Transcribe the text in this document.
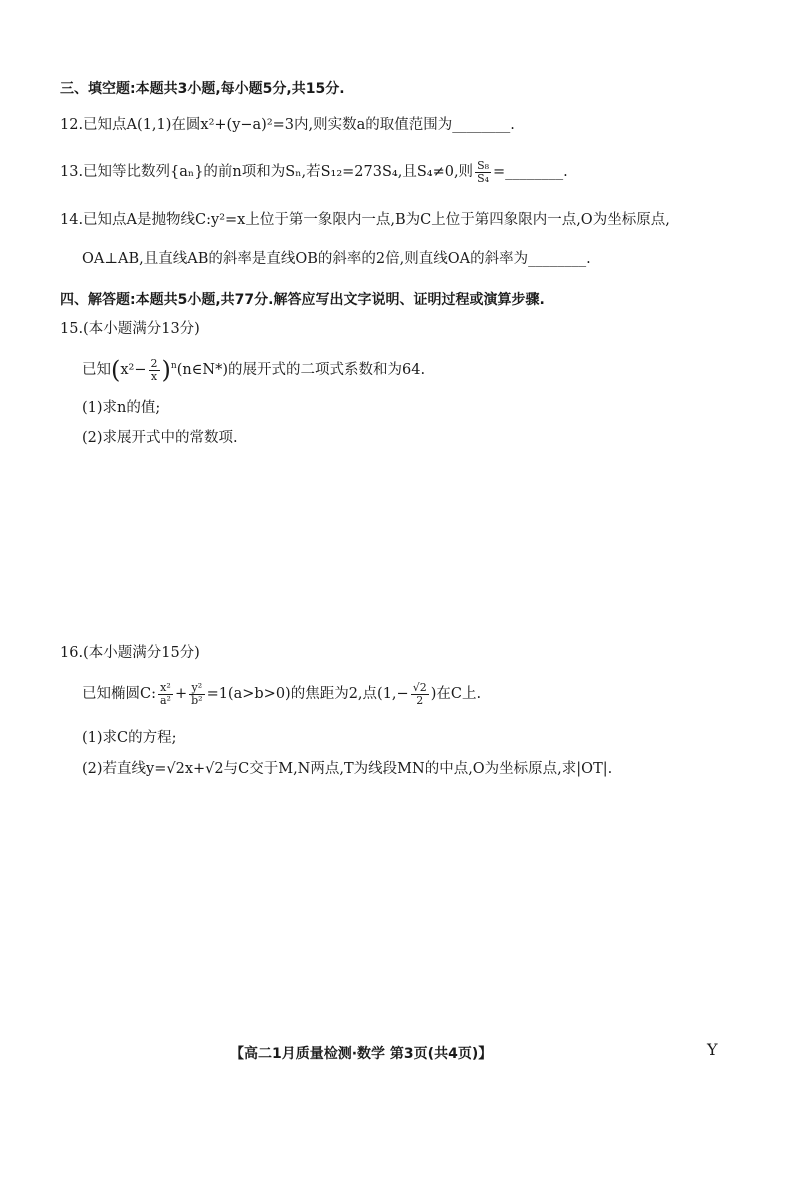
三、填空题:本题共3小题,每小题5分,共15分.
12.已知点A(1,1)在圆x²+(y−a)²=3内,则实数a的取值范围为________.
13.已知等比数列{aₙ}的前n项和为Sₙ,若S₁₂=273S₄,且S₄≠0,则 $\frac{\text{S₈}}{\text{S₄}}$ =________.
14.已知点A是抛物线C:y²=x上位于第一象限内一点,B为C上位于第四象限内一点,O为坐标原点,
OA⊥AB,且直线AB的斜率是直线OB的斜率的2倍,则直线OA的斜率为________.
四、解答题:本题共5小题,共77分.解答应写出文字说明、证明过程或演算步骤.
15.(本小题满分13分)
已知($x^2- \frac{2}{x}$ )$^n(n\in N*)$的展开式的二项式系数和为64.
(1)求n的值;
(2)求展开式中的常数项.
16.(本小题满分15分)
已知椭圆C: $\frac{\text{x²}}{\text{a²}} + \frac{\text{y²}}{\text{b²}} =1(a>b>0)$的焦距为2,点($1,- \frac{√2}{2}$ )在C上.
(1)求C的方程;
(2)若直线y=√2x+√2与C交于M,N两点,T为线段MN的中点,O为坐标原点,求|OT|.
【高二1月质量检测·数学 第3页(共4页)】	Y
